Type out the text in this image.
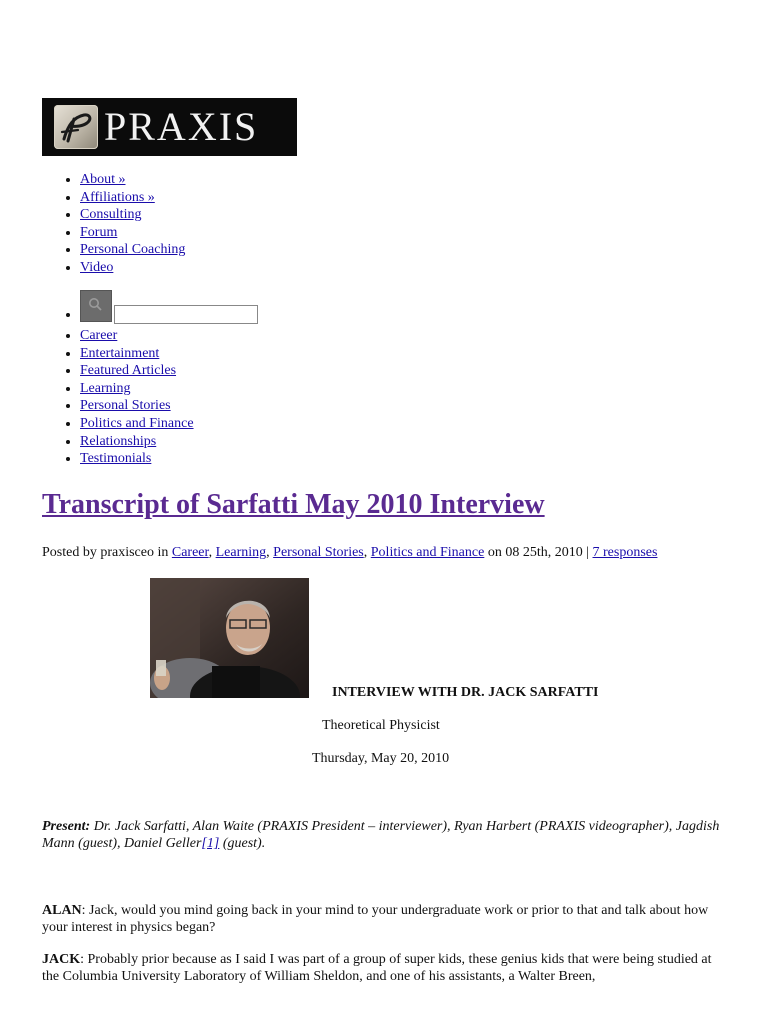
PRAXIS
• About »
• Affiliations »
• Consulting
• Forum
• Personal Coaching
• Video
•
• Career
• Entertainment
• Featured Articles
• Learning
• Personal Stories
• Politics and Finance
• Relationships
• Testimonials
Transcript of Sarfatti May 2010 Interview
Posted by praxisceo in Career, Learning, Personal Stories, Politics and Finance on 08 25th, 2010 | 7 responses
INTERVIEW WITH DR. JACK SARFATTI
Theoretical Physicist
Thursday, May 20, 2010

Present: Dr. Jack Sarfatti, Alan Waite (PRAXIS President – interviewer), Ryan Harbert (PRAXIS videographer), Jagdish Mann (guest), Daniel Geller[1] (guest).

ALAN: Jack, would you mind going back in your mind to your undergraduate work or prior to that and talk about how your interest in physics began?

JACK: Probably prior because as I said I was part of a group of super kids, these genius kids that were being studied at the Columbia University Laboratory of William Sheldon, and one of his assistants, a Walter Breen,
